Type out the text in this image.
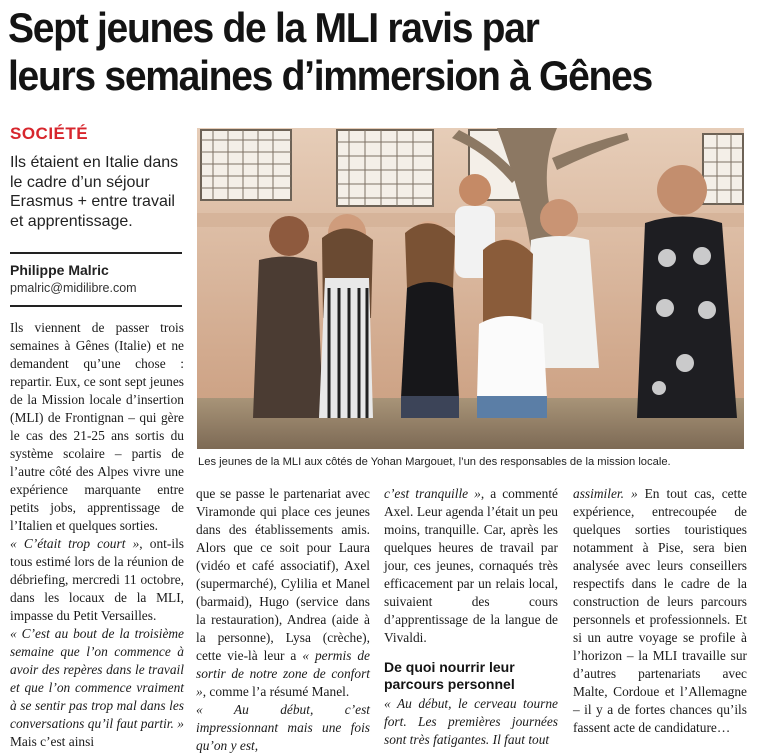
Sept jeunes de la MLI ravis par
leurs semaines d’immersion à Gênes
SOCIÉTÉ
Ils étaient en Italie dans le cadre d’un séjour Erasmus + entre travail et apprentissage.
Philippe Malric
pmalric@midilibre.com
Les jeunes de la MLI aux côtés de Yohan Margouet, l’un des responsables de la mission locale.

Ils viennent de passer trois semaines à Gênes (Italie) et ne demandent qu’une chose : repartir. Eux, ce sont sept jeunes de la Mission locale d’insertion (MLI) de Frontignan – qui gère le cas des 21-25 ans sortis du système scolaire – partis de l’autre côté des Alpes vivre une expérience marquante entre petits jobs, apprentissage de l’Italien et quelques sorties.

« C’était trop court », ont-ils tous estimé lors de la réunion de débriefing, mercredi 11 octobre, dans les locaux de la MLI, impasse du Petit Versailles.

« C’est au bout de la troisième semaine que l’on commence à avoir des repères dans le travail et que l’on commence vraiment à se sentir pas trop mal dans les conversations qu’il faut partir. » Mais c’est ainsi

que se passe le partenariat avec Viramonde qui place ces jeunes dans des établissements amis. Alors que ce soit pour Laura (vidéo et café associatif), Axel (supermarché), Cylilia et Manel (barmaid), Hugo (service dans la restauration), Andrea (aide à la personne), Lysa (crèche), cette vie-là leur a « permis de sortir de notre zone de confort », comme l’a résumé Manel.

« Au début, c’est impressionnant mais une fois qu’on y est,

c’est tranquille », a commenté Axel. Leur agenda l’était un peu moins, tranquille. Car, après les quelques heures de travail par jour, ces jeunes, cornaqués très efficacement par un relais local, suivaient des cours d’apprentissage de la langue de Vivaldi.

De quoi nourrir leur parcours personnel

« Au début, le cerveau tourne fort. Les premières journées sont très fatigantes. Il faut tout

assimiler. » En tout cas, cette expérience, entrecoupée de quelques sorties touristiques notamment à Pise, sera bien analysée avec leurs conseillers respectifs dans le cadre de la construction de leurs parcours personnels et professionnels. Et si un autre voyage se profile à l’horizon – la MLI travaille sur d’autres partenariats avec Malte, Cordoue et l’Allemagne – il y a de fortes chances qu’ils fassent acte de candidature…
